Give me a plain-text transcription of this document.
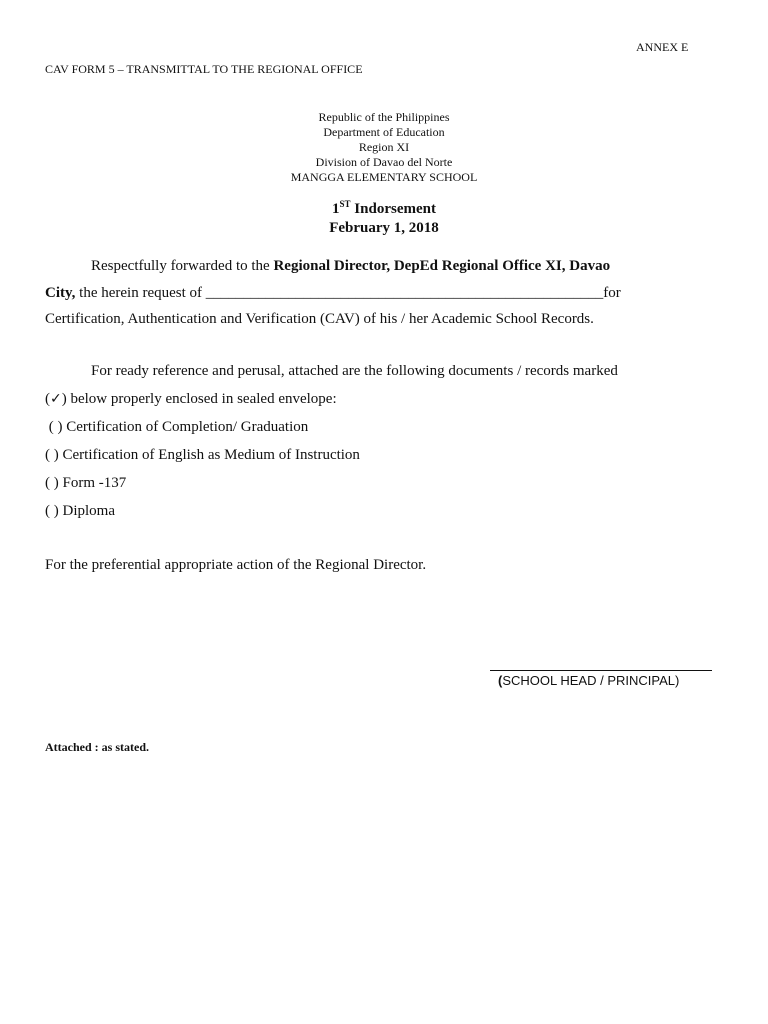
ANNEX E
CAV FORM 5 – TRANSMITTAL TO THE REGIONAL OFFICE
Republic of the Philippines
Department of Education
Region XI
Division of Davao del Norte
MANGGA ELEMENTARY SCHOOL
1ST Indorsement
February 1, 2018
Respectfully forwarded to the Regional Director, DepEd Regional Office XI, Davao
City, the herein request of _____________________________________________________for
Certification, Authentication and Verification (CAV) of his / her Academic School Records.
For ready reference and perusal, attached are the following documents / records marked
(✓) below properly enclosed in sealed envelope:
( ) Certification of Completion/ Graduation
( ) Certification of English as Medium of Instruction
( ) Form -137
( ) Diploma
For the preferential appropriate action of the Regional Director.
(SCHOOL HEAD / PRINCIPAL)
Attached : as stated.
